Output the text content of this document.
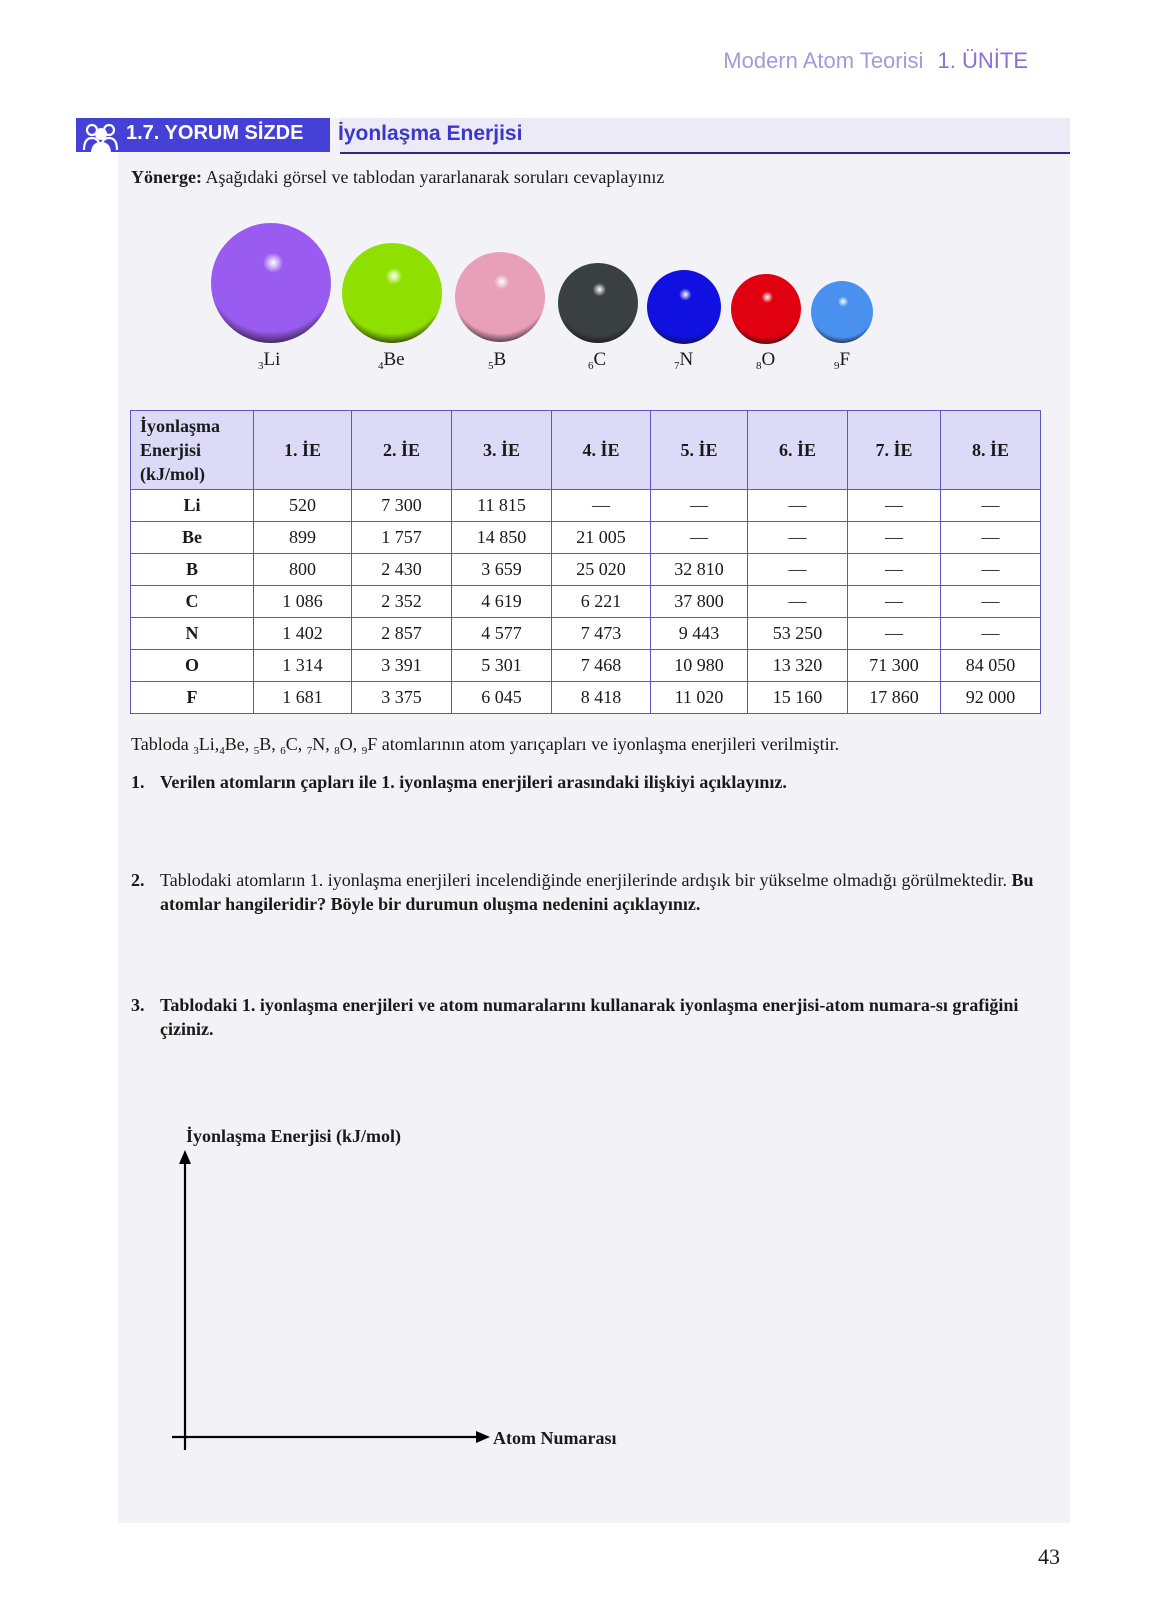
Modern Atom Teorisi 1. ÜNİTE
1.7. YORUM SİZDE İyonlaşma Enerjisi
Yönerge: Aşağıdaki görsel ve tablodan yararlanarak soruları cevaplayınız
$_3$Li	$_4$Be	$_5$B	$_6$C	$_7$N	$_8$O	$_9$F
İyonlaşma
Enerjisi
(kJ/mol)	1. İE	2. İE	3. İE	4. İE	5. İE	6. İE	7. İE	8. İE
Li	520	7 300	11 815	—	—	—	—	—
Be	899	1 757	14 850	21 005	—	—	—	—
B	800	2 430	3 659	25 020	32 810	—	—	—
C	1 086	2 352	4 619	6 221	37 800	—	—	—
N	1 402	2 857	4 577	7 473	9 443	53 250	—	—
O	1 314	3 391	5 301	7 468	10 980	13 320	71 300	84 050
F	1 681	3 375	6 045	8 418	11 020	15 160	17 860	92 000
Tabloda $_3Li,_4Be$, $_5$B, $_6$C, $_7$N, $_8$O, $_9$F atomlarının atom yarıçapları ve iyonlaşma enerjileri verilmiştir.
1. Verilen atomların çapları ile 1. iyonlaşma enerjileri arasındaki ilişkiyi açıklayınız.
2. Tablodaki atomların 1. iyonlaşma enerjileri incelendiğinde enerjilerinde ardışık bir yükselme olmadığı görülmektedir. Bu atomlar hangileridir? Böyle bir durumun oluşma nedenini açıklayınız.
3. Tablodaki 1. iyonlaşma enerjileri ve atom numaralarını kullanarak iyonlaşma enerjisi-atom numara-sı grafiğini çiziniz.
İyonlaşma Enerjisi (kJ/mol)
Atom Numarası
43
